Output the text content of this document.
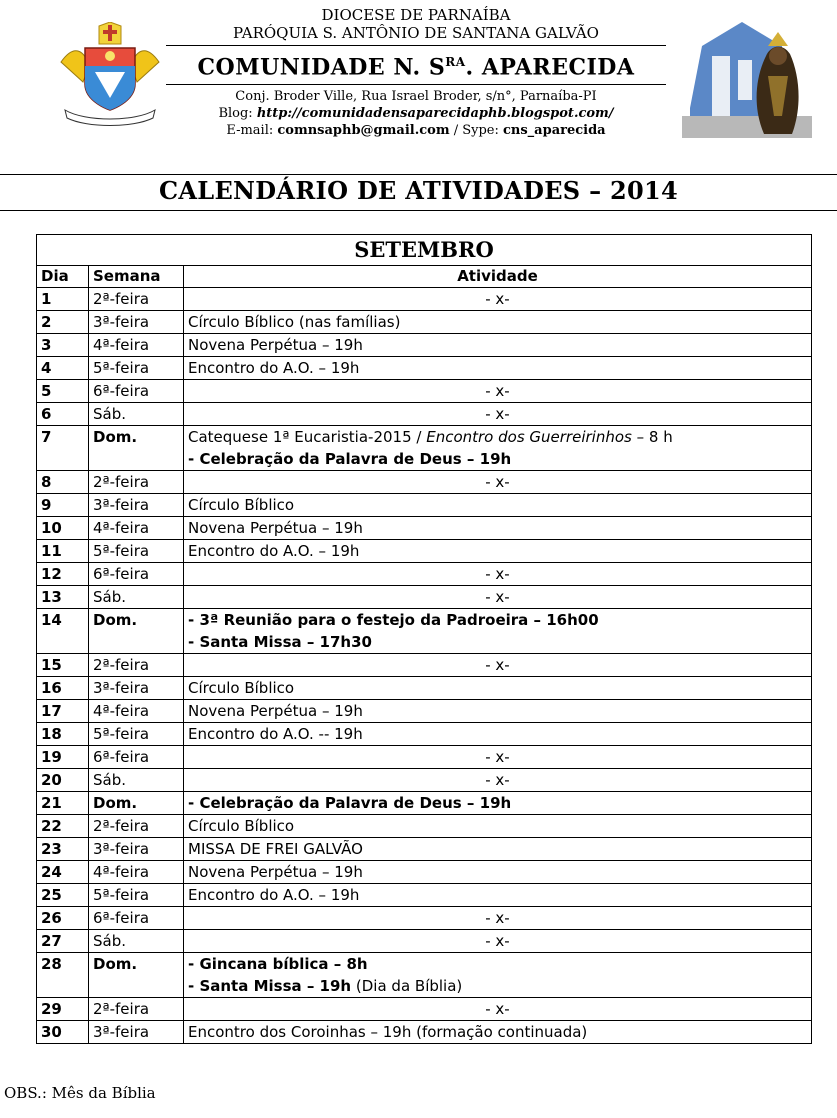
DIOCESE DE PARNAÍBA
PARÓQUIA S. ANTÔNIO DE SANTANA GALVÃO
COMUNIDADE N. $S^{RA}$. APARECIDA
Conj. Broder Ville, Rua Israel Broder, s/n°, Parnaíba-PI
Blog: http://comunidadensaparecidaphb.blogspot.com/
E-mail: comnsaphb@gmail.com / Sype: cns_aparecida
CALENDÁRIO DE ATIVIDADES – 2014
SETEMBRO		
Dia	Semana	Atividade
1	2ª-feira	- x-
2	3ª-feira	Círculo Bíblico (nas famílias)
3	4ª-feira	Novena Perpétua – 19h
4	5ª-feira	Encontro do A.O. – 19h
5	6ª-feira	- x-
6	Sáb.	- x-
7	Dom.	Catequese 1ª Eucaristia-2015 / Encontro dos Guerreirinhos – 8 h
- Celebração da Palavra de Deus – 19h

8	2ª-feira	- x-
9	3ª-feira	Círculo Bíblico
10	4ª-feira	Novena Perpétua – 19h
11	5ª-feira	Encontro do A.O. – 19h
12	6ª-feira	- x-
13	Sáb.	- x-
14	Dom.	- 3ª Reunião para o festejo da Padroeira – 16h00
- Santa Missa – 17h30

15	2ª-feira	- x-
16	3ª-feira	Círculo Bíblico
17	4ª-feira	Novena Perpétua – 19h
18	5ª-feira	Encontro do A.O. -- 19h
19	6ª-feira	- x-
20	Sáb.	- x-
21	Dom.	- Celebração da Palavra de Deus – 19h
22	2ª-feira	Círculo Bíblico
23	3ª-feira	MISSA DE FREI GALVÃO
24	4ª-feira	Novena Perpétua – 19h
25	5ª-feira	Encontro do A.O. – 19h
26	6ª-feira	- x-
27	Sáb.	- x-
28	Dom.	- Gincana bíblica – 8h
- Santa Missa – 19h (Dia da Bíblia)

29	2ª-feira	- x-
30	3ª-feira	Encontro dos Coroinhas – 19h (formação continuada)
OBS.: Mês da Bíblia
